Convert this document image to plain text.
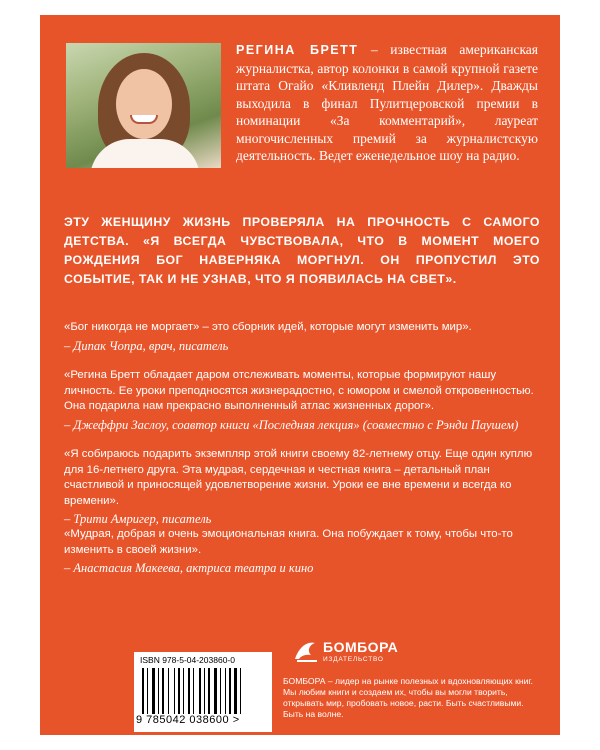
РЕГИНА БРЕТТ – известная американская журналистка, автор колонки в самой крупной газете штата Огайо «Кливленд Плейн Дилер». Дважды выходила в финал Пулитцеровской премии в номинации «За комментарий», лауреат многочисленных премий за журналистскую деятельность. Ведет еженедельное шоу на радио.
ЭТУ ЖЕНЩИНУ ЖИЗНЬ ПРОВЕРЯЛА НА ПРОЧНОСТЬ С САМОГО ДЕТСТВА. «Я ВСЕГДА ЧУВСТВОВАЛА, ЧТО В МОМЕНТ МОЕГО РОЖДЕНИЯ БОГ НАВЕРНЯКА МОРГНУЛ. ОН ПРОПУСТИЛ ЭТО СОБЫТИЕ, ТАК И НЕ УЗНАВ, ЧТО Я ПОЯВИЛАСЬ НА СВЕТ».
«Бог никогда не моргает» – это сборник идей, которые могут изменить мир».
– Дипак Чопра, врач, писатель
«Регина Бретт обладает даром отслеживать моменты, которые формируют нашу личность. Ее уроки преподносятся жизнерадостно, с юмором и смелой откровенностью. Она подарила нам прекрасно выполненный атлас жизненных дорог».
– Джеффри Заслоу, соавтор книги «Последняя лекция» (совместно с Рэнди Паушем)
«Я собираюсь подарить экземпляр этой книги своему 82-летнему отцу. Еще один куплю для 16-летнего друга. Эта мудрая, сердечная и честная книга – детальный план счастливой и приносящей удовлетворение жизни. Уроки ее вне времени и всегда ко времени».
– Трити Амригер, писатель
«Мудрая, добрая и очень эмоциональная книга. Она побуждает к тому, чтобы что-то изменить в своей жизни».
– Анастасия Макеева, актриса театра и кино
ISBN 978-5-04-203860-0
9 785042 038600 >
БОМБОРА
ИЗДАТЕЛЬСТВО
БОМБОРА – лидер на рынке полезных и вдохновляющих книг. Мы любим книги и создаем их, чтобы вы могли творить, открывать мир, пробовать новое, расти. Быть счастливыми. Быть на волне.
